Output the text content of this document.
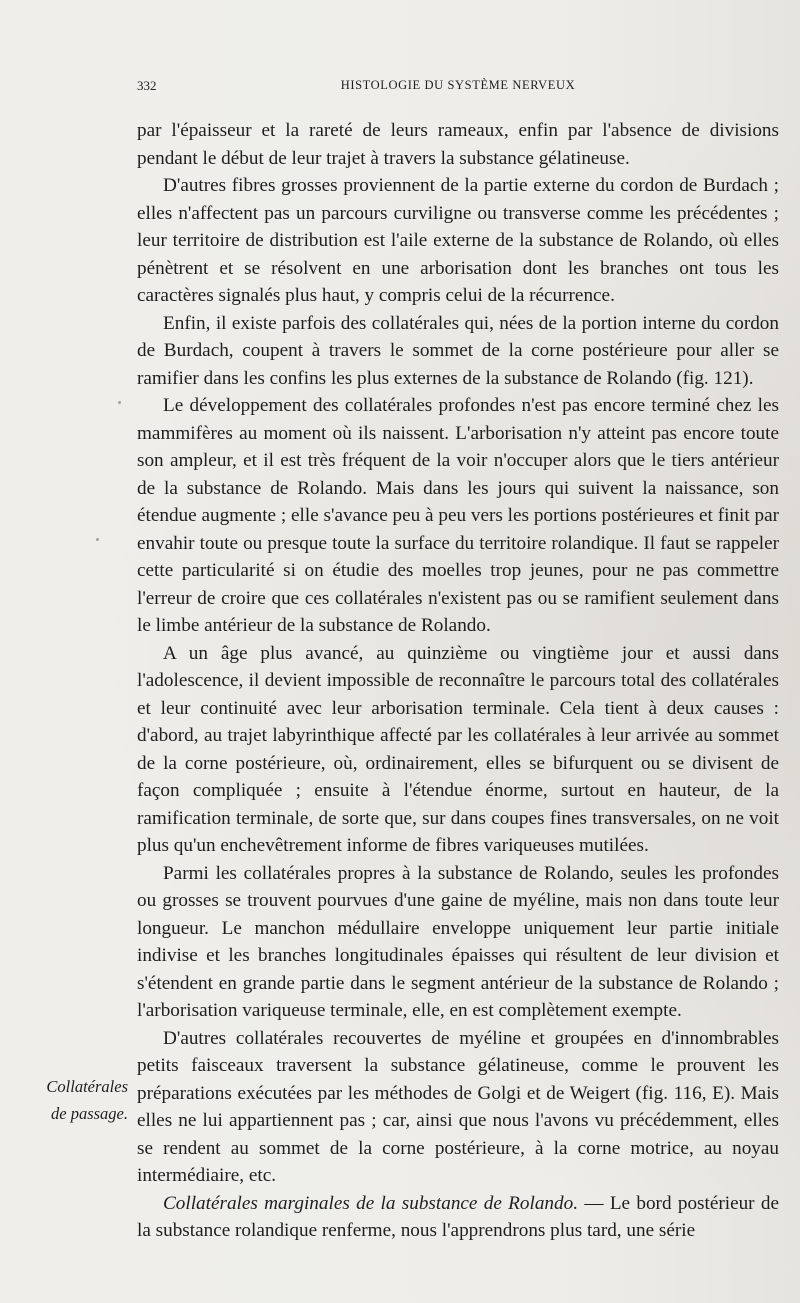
332	HISTOLOGIE DU SYSTÈME NERVEUX

par l'épaisseur et la rareté de leurs rameaux, enfin par l'absence de divisions pendant le début de leur trajet à travers la substance gélatineuse.

D'autres fibres grosses proviennent de la partie externe du cordon de Burdach ; elles n'affectent pas un parcours curviligne ou transverse comme les précédentes ; leur territoire de distribution est l'aile externe de la substance de Rolando, où elles pénètrent et se résolvent en une arborisation dont les branches ont tous les caractères signalés plus haut, y compris celui de la récurrence.

Enfin, il existe parfois des collatérales qui, nées de la portion interne du cordon de Burdach, coupent à travers le sommet de la corne postérieure pour aller se ramifier dans les confins les plus externes de la substance de Rolando (fig. 121).

Le développement des collatérales profondes n'est pas encore terminé chez les mammifères au moment où ils naissent. L'arborisation n'y atteint pas encore toute son ampleur, et il est très fréquent de la voir n'occuper alors que le tiers antérieur de la substance de Rolando. Mais dans les jours qui suivent la naissance, son étendue augmente ; elle s'avance peu à peu vers les portions postérieures et finit par envahir toute ou presque toute la surface du territoire rolandique. Il faut se rappeler cette particularité si on étudie des moelles trop jeunes, pour ne pas commettre l'erreur de croire que ces collatérales n'existent pas ou se ramifient seulement dans le limbe antérieur de la substance de Rolando.

A un âge plus avancé, au quinzième ou vingtième jour et aussi dans l'adolescence, il devient impossible de reconnaître le parcours total des collatérales et leur continuité avec leur arborisation terminale. Cela tient à deux causes : d'abord, au trajet labyrinthique affecté par les collatérales à leur arrivée au sommet de la corne postérieure, où, ordinairement, elles se bifurquent ou se divisent de façon compliquée ; ensuite à l'étendue énorme, surtout en hauteur, de la ramification terminale, de sorte que, sur dans coupes fines transversales, on ne voit plus qu'un enchevêtrement informe de fibres variqueuses mutilées.

Parmi les collatérales propres à la substance de Rolando, seules les profondes ou grosses se trouvent pourvues d'une gaine de myéline, mais non dans toute leur longueur. Le manchon médullaire enveloppe uniquement leur partie initiale indivise et les branches longitudinales épaisses qui résultent de leur division et s'étendent en grande partie dans le segment antérieur de la substance de Rolando ; l'arborisation variqueuse terminale, elle, en est complètement exempte.

D'autres collatérales recouvertes de myéline et groupées en d'innombrables petits faisceaux traversent la substance gélatineuse, comme le prouvent les préparations exécutées par les méthodes de Golgi et de Weigert (fig. 116, E). Mais elles ne lui appartiennent pas ; car, ainsi que nous l'avons vu précédemment, elles se rendent au sommet de la corne postérieure, à la corne motrice, au noyau intermédiaire, etc.

Collatérales marginales de la substance de Rolando. — Le bord postérieur de la substance rolandique renferme, nous l'apprendrons plus tard, une série

Collatérales
de passage.
